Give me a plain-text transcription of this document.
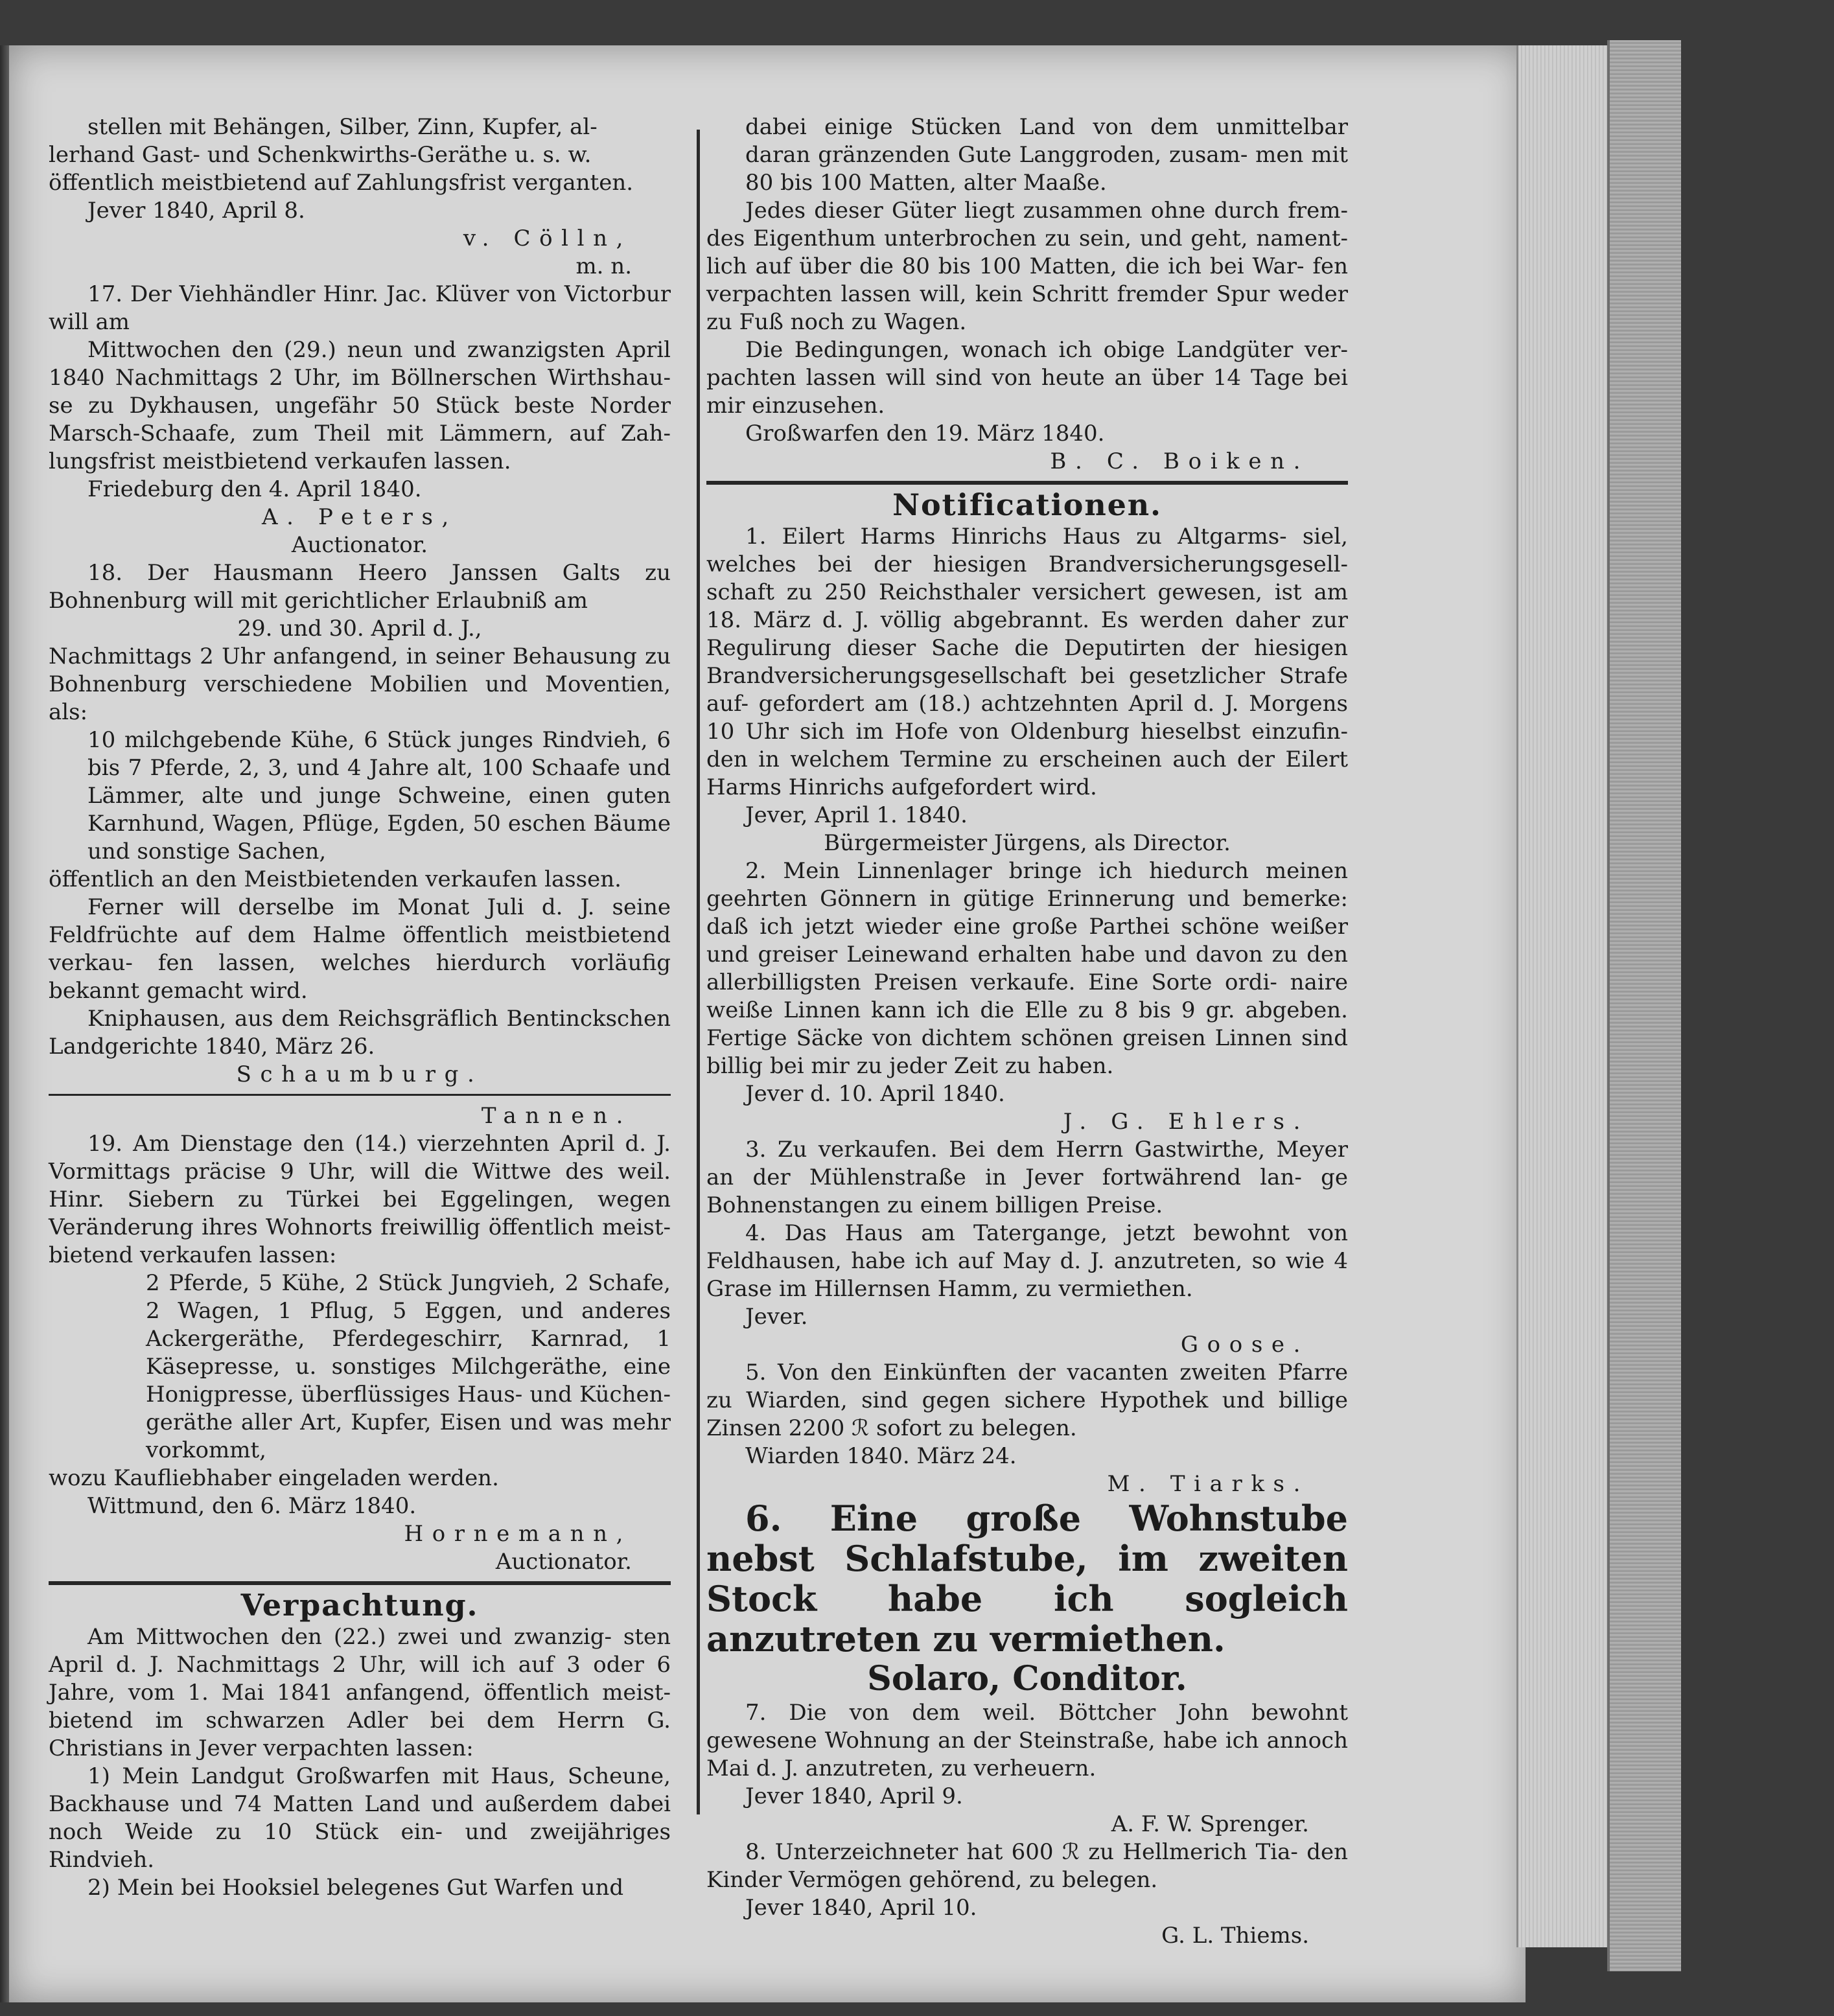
stellen mit Behängen, Silber, Zinn, Kupfer, al-

lerhand Gast- und Schenkwirths-Geräthe u. s. w.

öffentlich meistbietend auf Zahlungsfrist verganten.

Jever 1840, April 8.

v. Cölln,

m. n.

17. Der Viehhändler Hinr. Jac. Klüver von Victorbur will am

Mittwochen den (29.) neun und zwanzigsten April 1840 Nachmittags 2 Uhr, im Böllnerschen Wirthshau- se zu Dykhausen, ungefähr 50 Stück beste Norder Marsch-Schaafe, zum Theil mit Lämmern, auf Zah- lungsfrist meistbietend verkaufen lassen.

Friedeburg den 4. April 1840.

A. Peters,

Auctionator.

18. Der Hausmann Heero Janssen Galts zu Bohnenburg will mit gerichtlicher Erlaubniß am

29. und 30. April d. J.,

Nachmittags 2 Uhr anfangend, in seiner Behausung zu Bohnenburg verschiedene Mobilien und Moventien, als:

10 milchgebende Kühe, 6 Stück junges Rindvieh, 6 bis 7 Pferde, 2, 3, und 4 Jahre alt, 100 Schaafe und Lämmer, alte und junge Schweine, einen guten Karnhund, Wagen, Pflüge, Egden, 50 eschen Bäume und sonstige Sachen,

öffentlich an den Meistbietenden verkaufen lassen.

Ferner will derselbe im Monat Juli d. J. seine Feldfrüchte auf dem Halme öffentlich meistbietend verkau- fen lassen, welches hierdurch vorläufig bekannt gemacht wird.

Kniphausen, aus dem Reichsgräflich Bentinckschen Landgerichte 1840, März 26.

Schaumburg.

Tannen.

19. Am Dienstage den (14.) vierzehnten April d. J. Vormittags präcise 9 Uhr, will die Wittwe des weil. Hinr. Siebern zu Türkei bei Eggelingen, wegen Veränderung ihres Wohnorts freiwillig öffentlich meist- bietend verkaufen lassen:

2 Pferde, 5 Kühe, 2 Stück Jungvieh, 2 Schafe, 2 Wagen, 1 Pflug, 5 Eggen, und anderes Ackergeräthe, Pferdegeschirr, Karnrad, 1 Käsepresse, u. sonstiges Milchgeräthe, eine Honigpresse, überflüssiges Haus- und Küchen- geräthe aller Art, Kupfer, Eisen und was mehr vorkommt,

wozu Kaufliebhaber eingeladen werden.

Wittmund, den 6. März 1840.

Hornemann,

Auctionator.

Verpachtung.

Am Mittwochen den (22.) zwei und zwanzig- sten April d. J. Nachmittags 2 Uhr, will ich auf 3 oder 6 Jahre, vom 1. Mai 1841 anfangend, öffentlich meist- bietend im schwarzen Adler bei dem Herrn G. Christians in Jever verpachten lassen:

1) Mein Landgut Großwarfen mit Haus, Scheune, Backhause und 74 Matten Land und außerdem dabei noch Weide zu 10 Stück ein- und zweijähriges Rindvieh.

2) Mein bei Hooksiel belegenes Gut Warfen und

dabei einige Stücken Land von dem unmittelbar daran gränzenden Gute Langgroden, zusam- men mit 80 bis 100 Matten, alter Maaße.

Jedes dieser Güter liegt zusammen ohne durch frem- des Eigenthum unterbrochen zu sein, und geht, nament- lich auf über die 80 bis 100 Matten, die ich bei War- fen verpachten lassen will, kein Schritt fremder Spur weder zu Fuß noch zu Wagen.

Die Bedingungen, wonach ich obige Landgüter ver- pachten lassen will sind von heute an über 14 Tage bei mir einzusehen.

Großwarfen den 19. März 1840.

B. C. Boiken.

Notificationen.

1. Eilert Harms Hinrichs Haus zu Altgarms- siel, welches bei der hiesigen Brandversicherungsgesell- schaft zu 250 Reichsthaler versichert gewesen, ist am 18. März d. J. völlig abgebrannt. Es werden daher zur Regulirung dieser Sache die Deputirten der hiesigen Brandversicherungsgesellschaft bei gesetzlicher Strafe auf- gefordert am (18.) achtzehnten April d. J. Morgens 10 Uhr sich im Hofe von Oldenburg hieselbst einzufin- den in welchem Termine zu erscheinen auch der Eilert Harms Hinrichs aufgefordert wird.

Jever, April 1. 1840.

Bürgermeister Jürgens, als Director.

2. Mein Linnenlager bringe ich hiedurch meinen geehrten Gönnern in gütige Erinnerung und bemerke: daß ich jetzt wieder eine große Parthei schöne weißer und greiser Leinewand erhalten habe und davon zu den allerbilligsten Preisen verkaufe. Eine Sorte ordi- naire weiße Linnen kann ich die Elle zu 8 bis 9 gr. abgeben. Fertige Säcke von dichtem schönen greisen Linnen sind billig bei mir zu jeder Zeit zu haben.

Jever d. 10. April 1840.

J. G. Ehlers.

3. Zu verkaufen. Bei dem Herrn Gastwirthe, Meyer an der Mühlenstraße in Jever fortwährend lan- ge Bohnenstangen zu einem billigen Preise.

4. Das Haus am Tatergange, jetzt bewohnt von Feldhausen, habe ich auf May d. J. anzutreten, so wie 4 Grase im Hillernsen Hamm, zu vermiethen.

Jever.

Goose.

5. Von den Einkünften der vacanten zweiten Pfarre zu Wiarden, sind gegen sichere Hypothek und billige Zinsen 2200 ℛ sofort zu belegen.

Wiarden 1840. März 24.

M. Tiarks.

6. Eine große Wohnstube nebst Schlafstube, im zweiten Stock habe ich sogleich anzutreten zu vermiethen.

Solaro, Conditor.

7. Die von dem weil. Böttcher John bewohnt gewesene Wohnung an der Steinstraße, habe ich annoch Mai d. J. anzutreten, zu verheuern.

Jever 1840, April 9.

A. F. W. Sprenger.

8. Unterzeichneter hat 600 ℛ zu Hellmerich Tia- den Kinder Vermögen gehörend, zu belegen.

Jever 1840, April 10.

G. L. Thiems.
